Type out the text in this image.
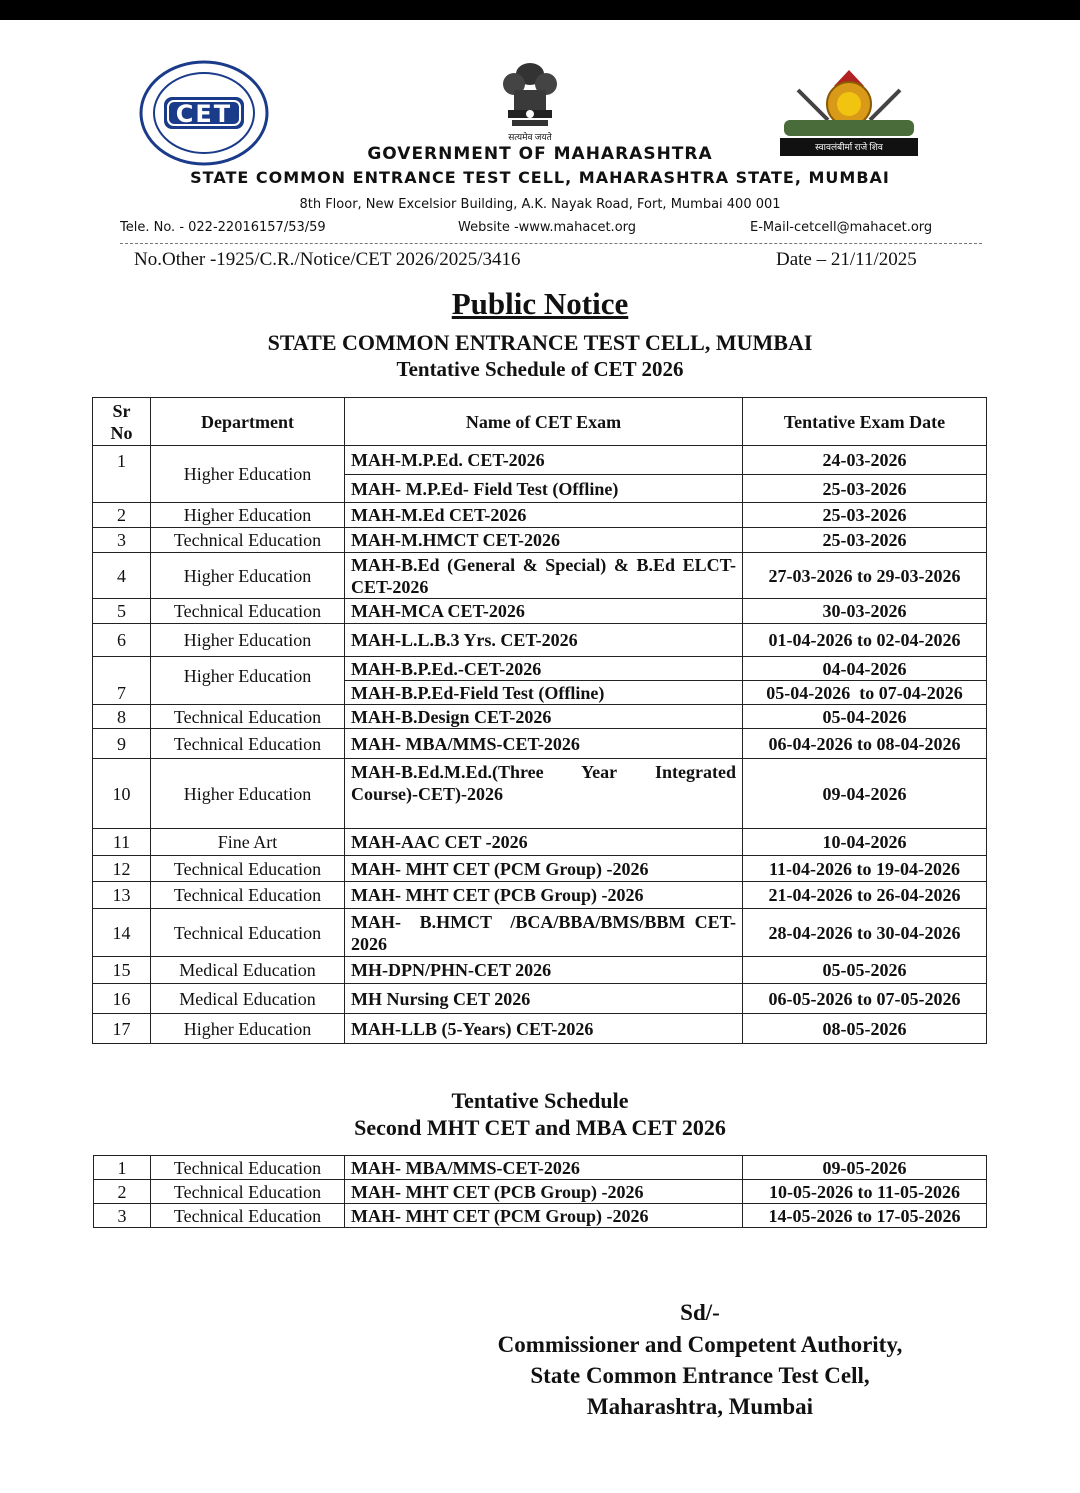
CET
सत्यमेव जयते
स्वावलंबीर्मा राजे शिव
GOVERNMENT OF MAHARASHTRA
STATE COMMON ENTRANCE TEST CELL, MAHARASHTRA STATE, MUMBAI
8th Floor, New Excelsior Building, A.K. Nayak Road, Fort, Mumbai 400 001
Tele. No. - 022-22016157/53/59	Website -www.mahacet.org	E-Mail-cetcell@mahacet.org
No.Other -1925/C.R./Notice/CET 2026/2025/3416	Date – 21/11/2025
Public Notice
STATE COMMON ENTRANCE TEST CELL, MUMBAI
Tentative Schedule of CET 2026
Sr
No	Department	Name of CET Exam	Tentative Exam Date
1	Higher Education	MAH-M.P.Ed. CET-2026	24-03-2026
		MAH- M.P.Ed- Field Test (Offline)	25-03-2026
2	Higher Education	MAH-M.Ed CET-2026	25-03-2026
3	Technical Education	MAH-M.HMCT CET-2026	25-03-2026
4	Higher Education	MAH-B.Ed (General & Special) & B.Ed ELCT-CET-2026	27-03-2026 to 29-03-2026
5	Technical Education	MAH-MCA CET-2026	30-03-2026
6	Higher Education	MAH-L.L.B.3 Yrs. CET-2026	01-04-2026 to 02-04-2026
7	Higher Education	MAH-B.P.Ed.-CET-2026	04-04-2026
		MAH-B.P.Ed-Field Test (Offline)	05-04-2026  to 07-04-2026
8	Technical Education	MAH-B.Design CET-2026	05-04-2026
9	Technical Education	MAH- MBA/MMS-CET-2026	06-04-2026 to 08-04-2026
10	Higher Education	MAH-B.Ed.M.Ed.(Three Year Integrated Course)-CET)-2026	09-04-2026
11	Fine Art	MAH-AAC CET -2026	10-04-2026
12	Technical Education	MAH- MHT CET (PCM Group) -2026	11-04-2026 to 19-04-2026
13	Technical Education	MAH- MHT CET (PCB Group) -2026	21-04-2026 to 26-04-2026
14	Technical Education	MAH-  B.HMCT  /BCA/BBA/BMS/BBM CET-2026	28-04-2026 to 30-04-2026
15	Medical Education	MH-DPN/PHN-CET 2026	05-05-2026
16	Medical Education	MH Nursing CET 2026	06-05-2026 to 07-05-2026
17	Higher Education	MAH-LLB (5-Years) CET-2026	08-05-2026
Tentative Schedule
Second MHT CET and MBA CET 2026
1	Technical Education	MAH- MBA/MMS-CET-2026	09-05-2026
2	Technical Education	MAH- MHT CET (PCB Group) -2026	10-05-2026 to 11-05-2026
3	Technical Education	MAH- MHT CET (PCM Group) -2026	14-05-2026 to 17-05-2026
Sd/-
Commissioner and Competent Authority,
State Common Entrance Test Cell,
Maharashtra, Mumbai
